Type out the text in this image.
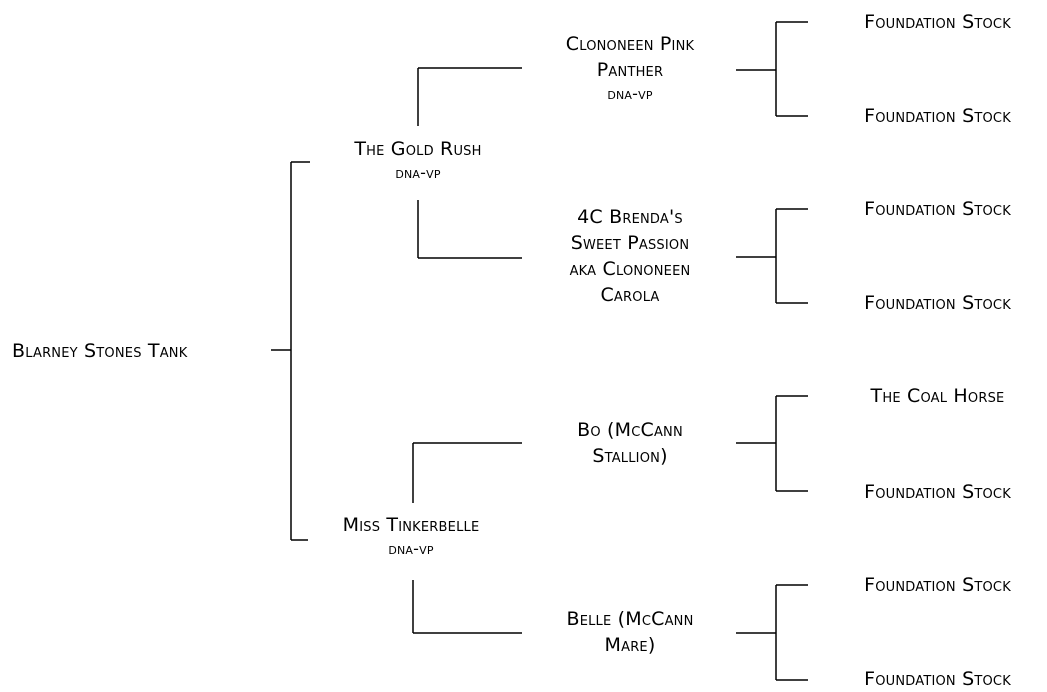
Blarney Stones Tank
The Gold Rush
dna-vp
Miss Tinkerbelle
dna-vp
Clononeen Pink
Panther
dna-vp
4C Brenda's
Sweet Passion
aka Clononeen
Carola
Bo (McCann
Stallion)
Belle (McCann
Mare)
Foundation Stock
Foundation Stock
Foundation Stock
Foundation Stock
The Coal Horse
Foundation Stock
Foundation Stock
Foundation Stock
